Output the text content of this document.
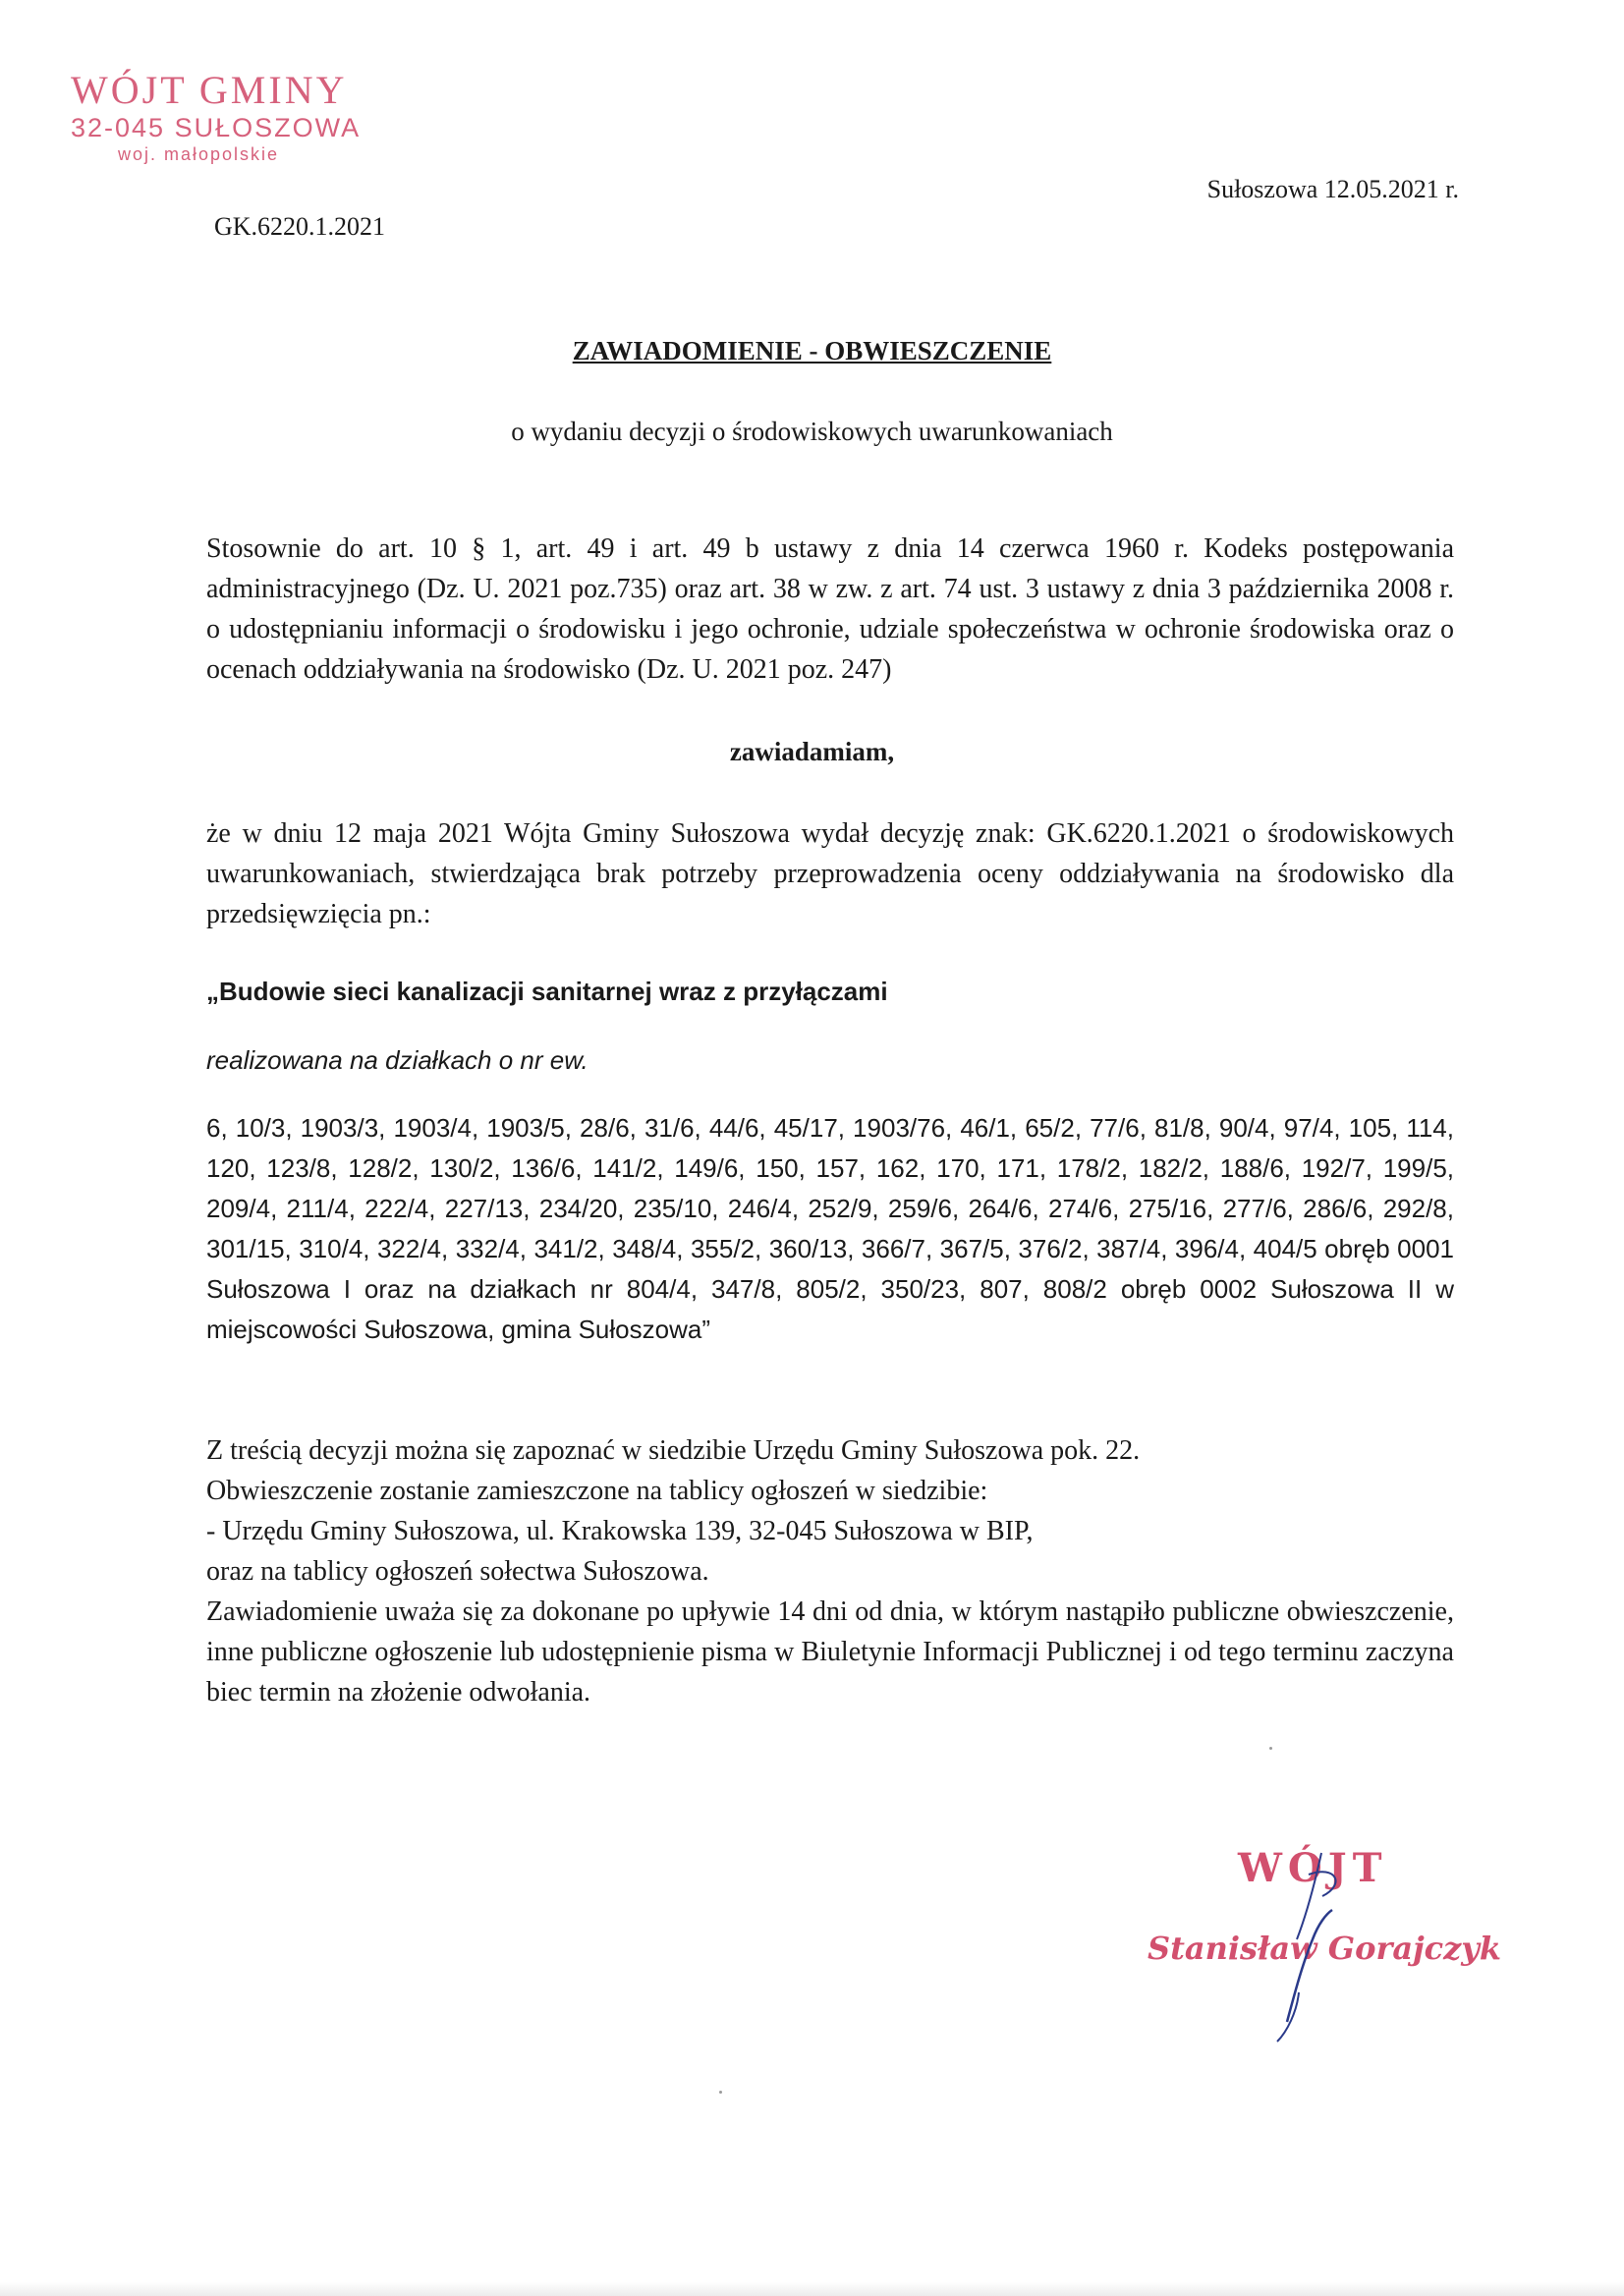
WÓJT GMINY
32-045 SUŁOSZOWA
woj. małopolskie
Sułoszowa 12.05.2021 r.
GK.6220.1.2021
ZAWIADOMIENIE - OBWIESZCZENIE
o wydaniu decyzji o środowiskowych uwarunkowaniach
Stosownie do art. 10 § 1, art. 49 i art. 49 b ustawy z dnia 14 czerwca 1960 r. Kodeks postępowania administracyjnego (Dz. U. 2021 poz.735) oraz art. 38 w zw. z art. 74 ust. 3 ustawy z dnia 3 października 2008 r. o udostępnianiu informacji o środowisku i jego ochronie, udziale społeczeństwa w ochronie środowiska oraz o ocenach oddziaływania na środowisko (Dz. U. 2021 poz. 247)
zawiadamiam,
że w dniu 12 maja 2021 Wójta Gminy Sułoszowa wydał decyzję znak: GK.6220.1.2021 o środowiskowych uwarunkowaniach, stwierdzająca brak potrzeby przeprowadzenia oceny oddziaływania na środowisko dla przedsięwzięcia pn.:
„Budowie sieci kanalizacji sanitarnej wraz z przyłączami
realizowana na działkach o nr ew.
6, 10/3, 1903/3, 1903/4, 1903/5, 28/6, 31/6, 44/6, 45/17, 1903/76, 46/1, 65/2, 77/6, 81/8, 90/4, 97/4, 105, 114, 120, 123/8, 128/2, 130/2, 136/6, 141/2, 149/6, 150, 157, 162, 170, 171, 178/2, 182/2, 188/6, 192/7, 199/5, 209/4, 211/4, 222/4, 227/13, 234/20, 235/10, 246/4, 252/9, 259/6, 264/6, 274/6, 275/16, 277/6, 286/6, 292/8, 301/15, 310/4, 322/4, 332/4, 341/2, 348/4, 355/2, 360/13, 366/7, 367/5, 376/2, 387/4, 396/4, 404/5 obręb 0001 Sułoszowa I oraz na działkach nr 804/4, 347/8, 805/2, 350/23, 807, 808/2 obręb 0002 Sułoszowa II w miejscowości Sułoszowa, gmina Sułoszowa”

Z treścią decyzji można się zapoznać w siedzibie Urzędu Gminy Sułoszowa pok. 22.

Obwieszczenie zostanie zamieszczone na tablicy ogłoszeń w siedzibie:

- Urzędu Gminy Sułoszowa, ul. Krakowska 139, 32-045 Sułoszowa w BIP,

oraz na tablicy ogłoszeń sołectwa Sułoszowa.

Zawiadomienie uważa się za dokonane po upływie 14 dni od dnia, w którym nastąpiło publiczne obwieszczenie, inne publiczne ogłoszenie lub udostępnienie pisma w Biuletynie Informacji Publicznej i od tego terminu zaczyna biec termin na złożenie odwołania.

WÓJT
Stanisław Gorajczyk
